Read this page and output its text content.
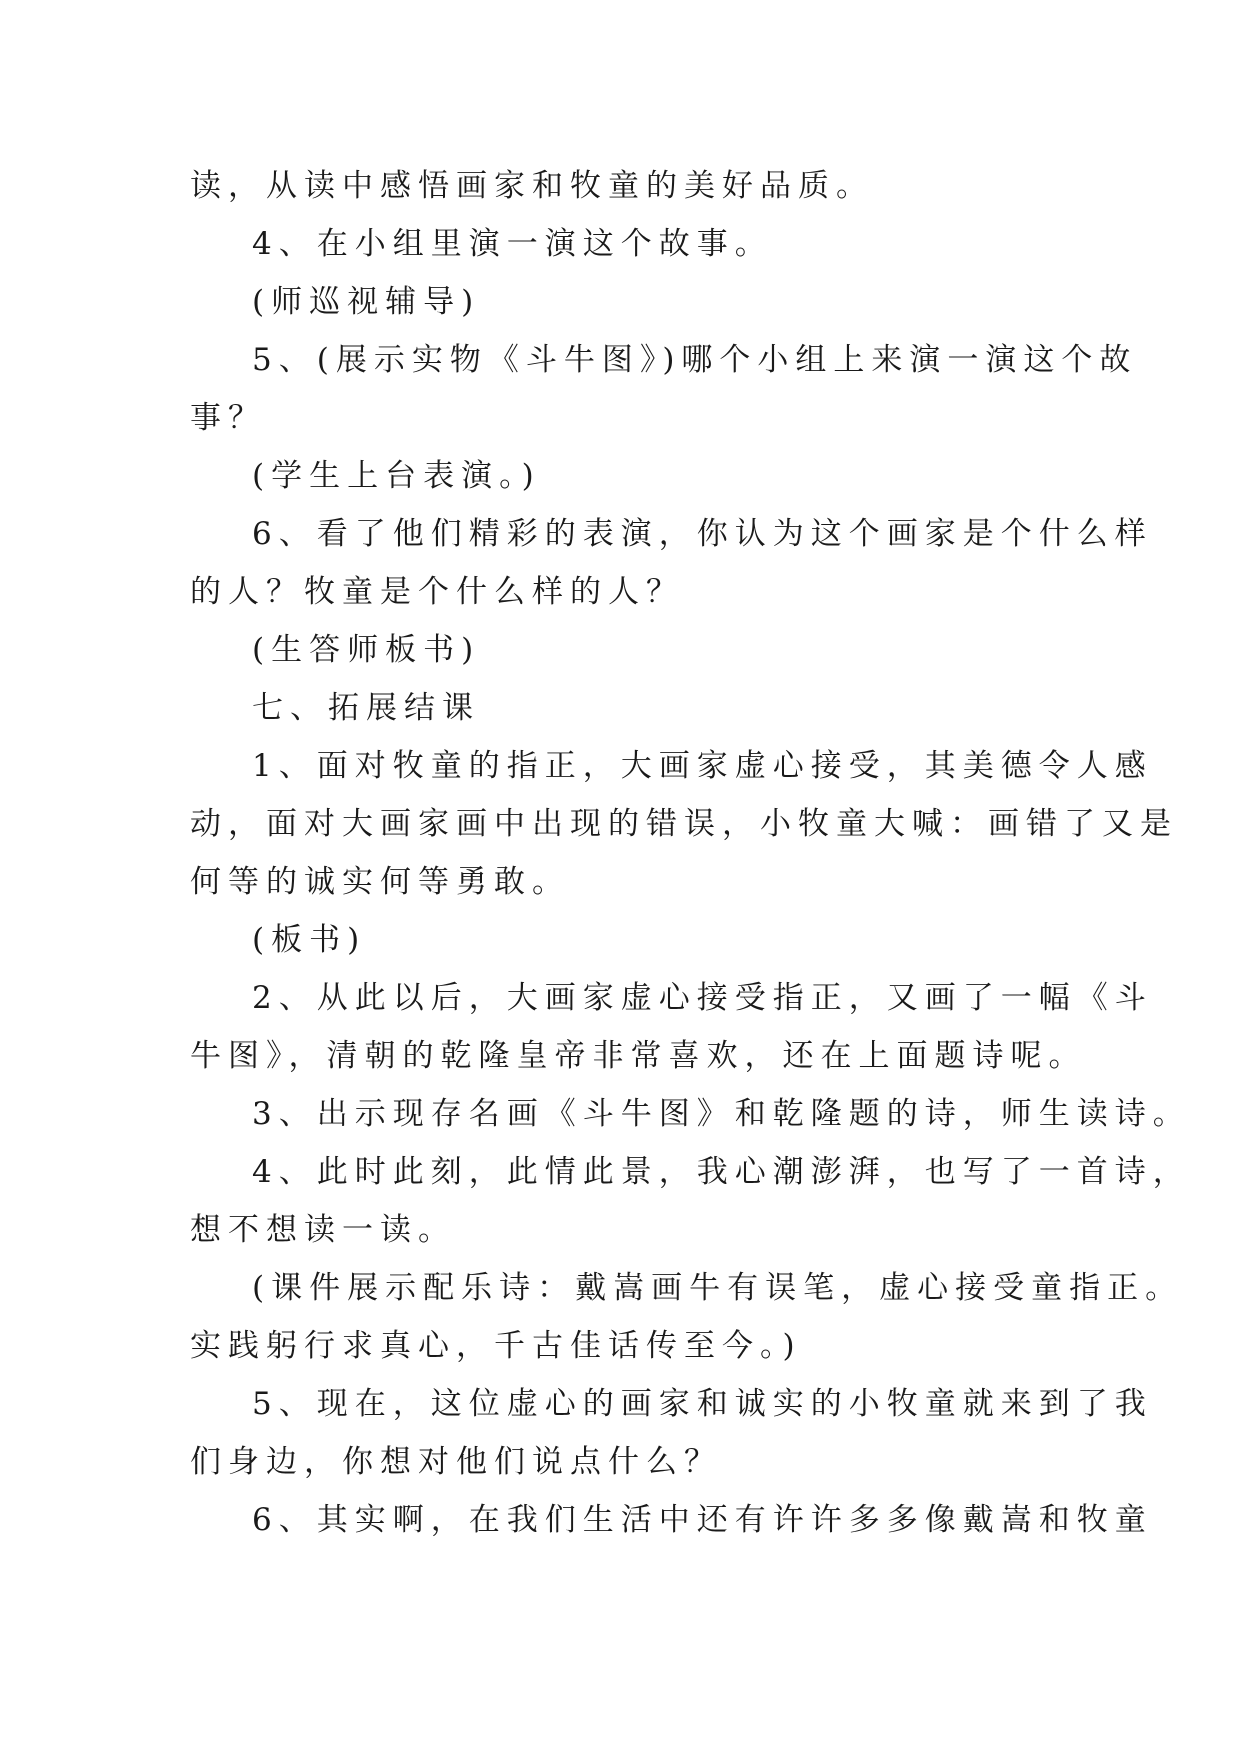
读，从读中感悟画家和牧童的美好品质。
4、在小组里演一演这个故事。
(师巡视辅导)
5、(展示实物《斗牛图》)哪个小组上来演一演这个故
事？
(学生上台表演。)
6、看了他们精彩的表演，你认为这个画家是个什么样
的人？牧童是个什么样的人？
(生答师板书)
七、拓展结课
1、面对牧童的指正，大画家虚心接受，其美德令人感
动，面对大画家画中出现的错误，小牧童大喊：画错了又是
何等的诚实何等勇敢。
(板书)
2、从此以后，大画家虚心接受指正，又画了一幅《斗
牛图》，清朝的乾隆皇帝非常喜欢，还在上面题诗呢。
3、出示现存名画《斗牛图》和乾隆题的诗，师生读诗。
4、此时此刻，此情此景，我心潮澎湃，也写了一首诗，
想不想读一读。
(课件展示配乐诗：戴嵩画牛有误笔，虚心接受童指正。
实践躬行求真心，千古佳话传至今。)
5、现在，这位虚心的画家和诚实的小牧童就来到了我
们身边，你想对他们说点什么？
6、其实啊，在我们生活中还有许许多多像戴嵩和牧童
